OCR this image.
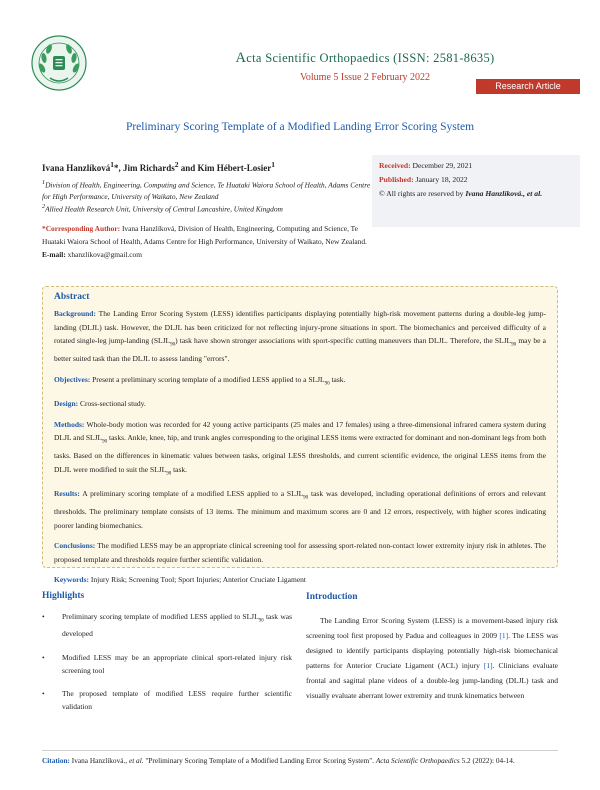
Acta Scientific Orthopaedics (ISSN: 2581-8635)
Volume 5 Issue 2 February 2022
Research Article
Preliminary Scoring Template of a Modified Landing Error Scoring System
Ivana Hanzlíková$^1$*, Jim Richards$^2$ and Kim Hébert-Losier$^1$
$^1$Division of Health, Engineering, Computing and Science, Te Huataki Waiora School of Health, Adams Centre for High Performance, University of Waikato, New Zealand
$^2$Allied Health Research Unit, University of Central Lancashire, United Kingdom
*Corresponding Author: Ivana Hanzlíková, Division of Health, Engineering, Computing and Science, Te Huataki Waiora School of Health, Adams Centre for High Performance, University of Waikato, New Zealand. E-mail: xhanzlikova@gmail.com
Received: December 29, 2021
Published: January 18, 2022
© All rights are reserved by Ivana Hanzlíková., et al.
Abstract

Background: The Landing Error Scoring System (LESS) identifies participants displaying potentially high-risk movement patterns during a double-leg jump-landing (DLJL) task. However, the DLJL has been criticized for not reflecting injury-prone situations in sport. The biomechanics and perceived difficulty of a rotated single-leg jump-landing $(SLJL_{90})$ task have shown stronger associations with sport-specific cutting maneuvers than DLJL. Therefore, the $SLJL_{90}$ may be a better suited task than the DLJL to assess landing "errors".

Objectives: Present a preliminary scoring template of a modified LESS applied to a $SLJL_{90}$ task.

Design: Cross-sectional study.

Methods: Whole-body motion was recorded for 42 young active participants (25 males and 17 females) using a three-dimensional infrared camera system during DLJL and $SLJL_{90}$ tasks. Ankle, knee, hip, and trunk angles corresponding to the original LESS items were extracted for dominant and non-dominant legs from both tasks. Based on the differences in kinematic values between tasks, original LESS thresholds, and current scientific evidence, the original LESS items from the DLJL were modified to suit the $SLJL_{90}$ task.

Results: A preliminary scoring template of a modified LESS applied to a $SLJL_{90}$ task was developed, including operational definitions of errors and relevant thresholds. The preliminary template consists of 13 items. The minimum and maximum scores are 0 and 12 errors, respectively, with higher scores indicating poorer landing biomechanics.

Conclusions: The modified LESS may be an appropriate clinical screening tool for assessing sport-related non-contact lower extremity injury risk in athletes. The proposed template and thresholds require further scientific validation.

Keywords: Injury Risk; Screening Tool; Sport Injuries; Anterior Cruciate Ligament

Highlights
• Preliminary scoring template of modified LESS applied to $SLJL_{90}$ task was developed
• Modified LESS may be an appropriate clinical sport-related injury risk screening tool
• The proposed template of modified LESS require further scientific validation
Introduction

The Landing Error Scoring System (LESS) is a movement-based injury risk screening tool first proposed by Padua and colleagues in 2009 [1]. The LESS was designed to identify participants displaying potentially high-risk biomechanical patterns for Anterior Cruciate Ligament (ACL) injury [1]. Clinicians evaluate frontal and sagittal plane videos of a double-leg jump-landing (DLJL) task and visually evaluate aberrant lower extremity and trunk kinematics between

Citation: Ivana Hanzlíková., et al. "Preliminary Scoring Template of a Modified Landing Error Scoring System". Acta Scientific Orthopaedics 5.2 (2022): 04-14.
